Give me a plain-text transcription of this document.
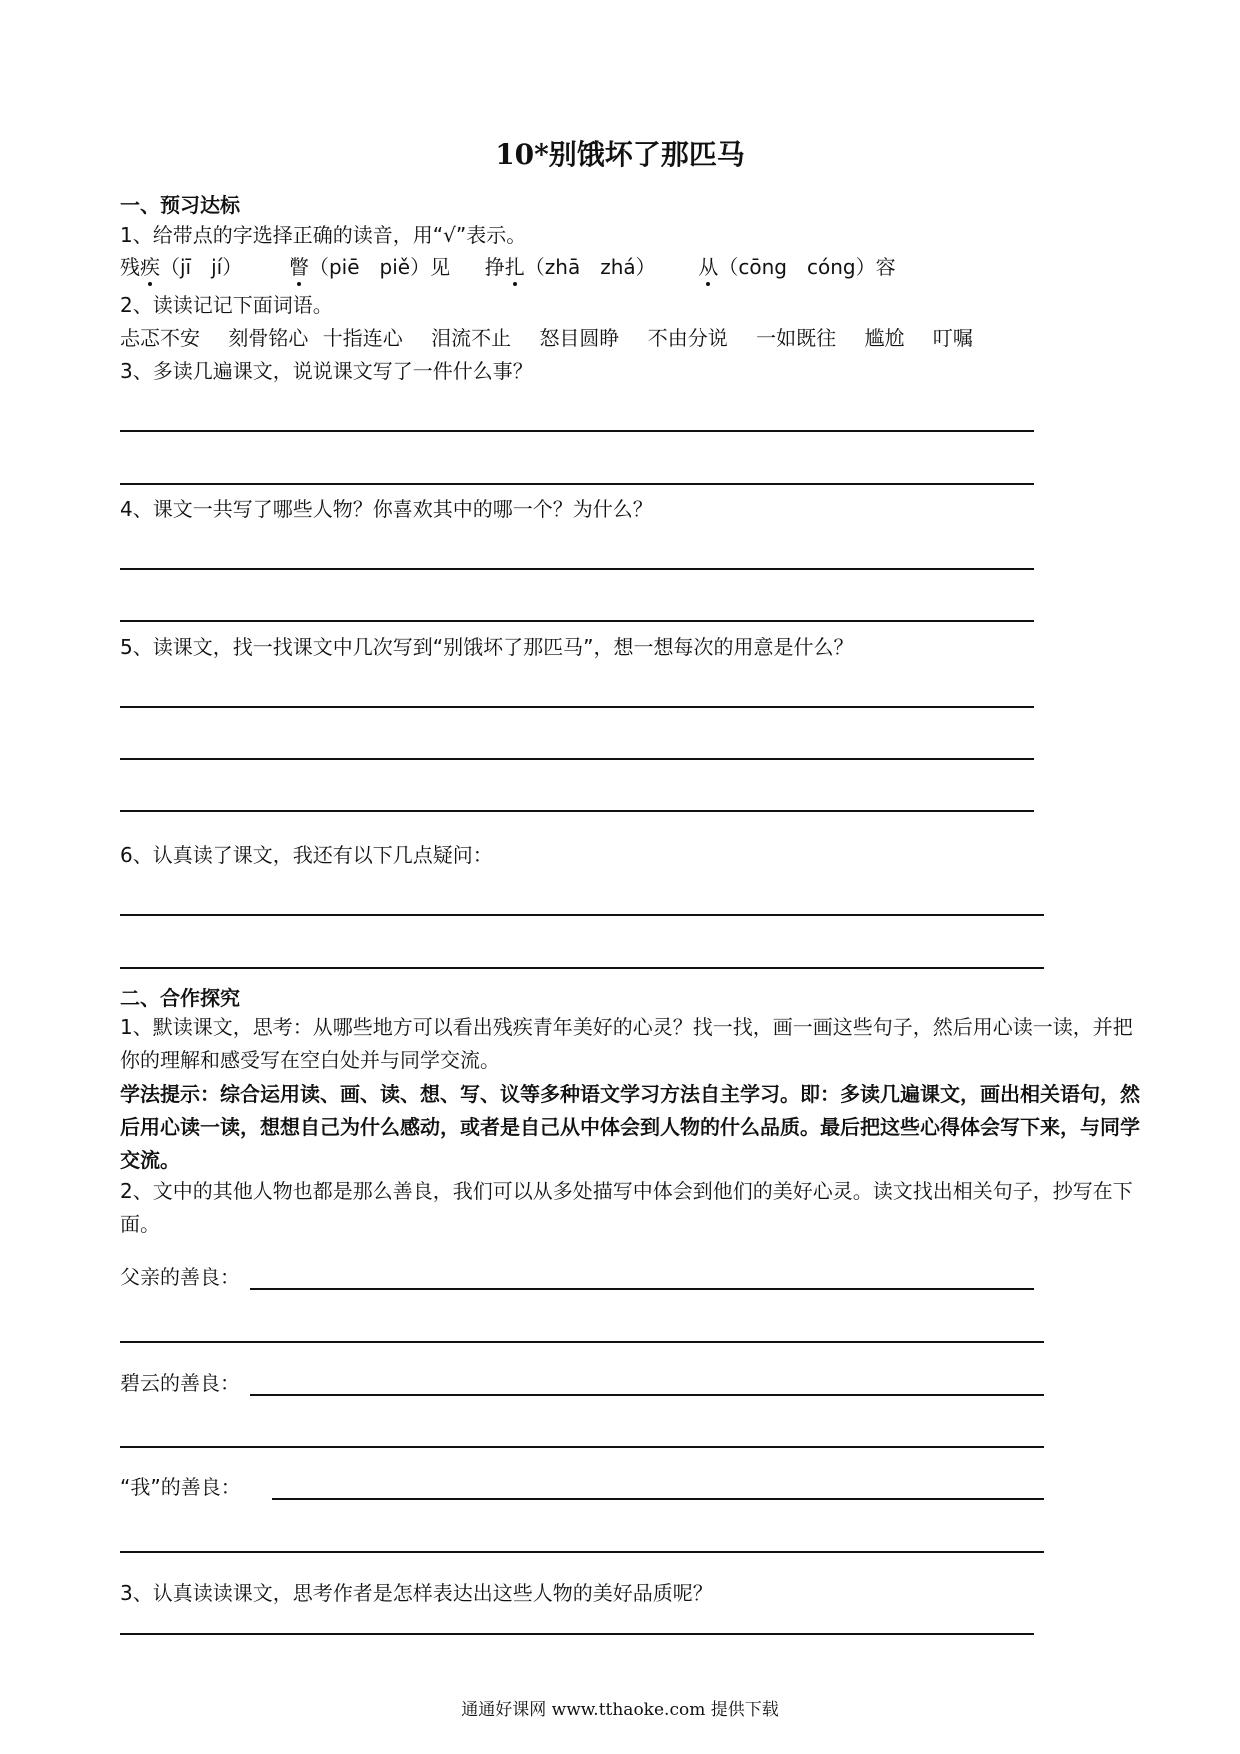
10*别饿坏了那匹马
一、预习达标
1、给带点的字选择正确的读音，用“√”表示。
残疾（jī　jí） 瞥（piē　piě）见 挣扎（zhā　zhá） 从（cōng　cóng）容
2、读读记记下面词语。
忐忑不安 刻骨铭心 十指连心 泪流不止 怒目圆睁 不由分说 一如既往 尴尬 叮嘱
3、多读几遍课文，说说课文写了一件什么事？
4、课文一共写了哪些人物？你喜欢其中的哪一个？为什么？
5、读课文，找一找课文中几次写到“别饿坏了那匹马”，想一想每次的用意是什么？
6、认真读了课文，我还有以下几点疑问：
二、合作探究
1、默读课文，思考：从哪些地方可以看出残疾青年美好的心灵？找一找，画一画这些句子，然后用心读一读，并把你的理解和感受写在空白处并与同学交流。
学法提示：综合运用读、画、读、想、写、议等多种语文学习方法自主学习。即：多读几遍课文，画出相关语句，然后用心读一读，想想自己为什么感动，或者是自己从中体会到人物的什么品质。最后把这些心得体会写下来，与同学交流。
2、文中的其他人物也都是那么善良，我们可以从多处描写中体会到他们的美好心灵。读文找出相关句子，抄写在下面。
父亲的善良：
碧云的善良：
“我”的善良：
3、认真读读课文，思考作者是怎样表达出这些人物的美好品质呢？
通通好课网 www.tthaoke.com 提供下载
